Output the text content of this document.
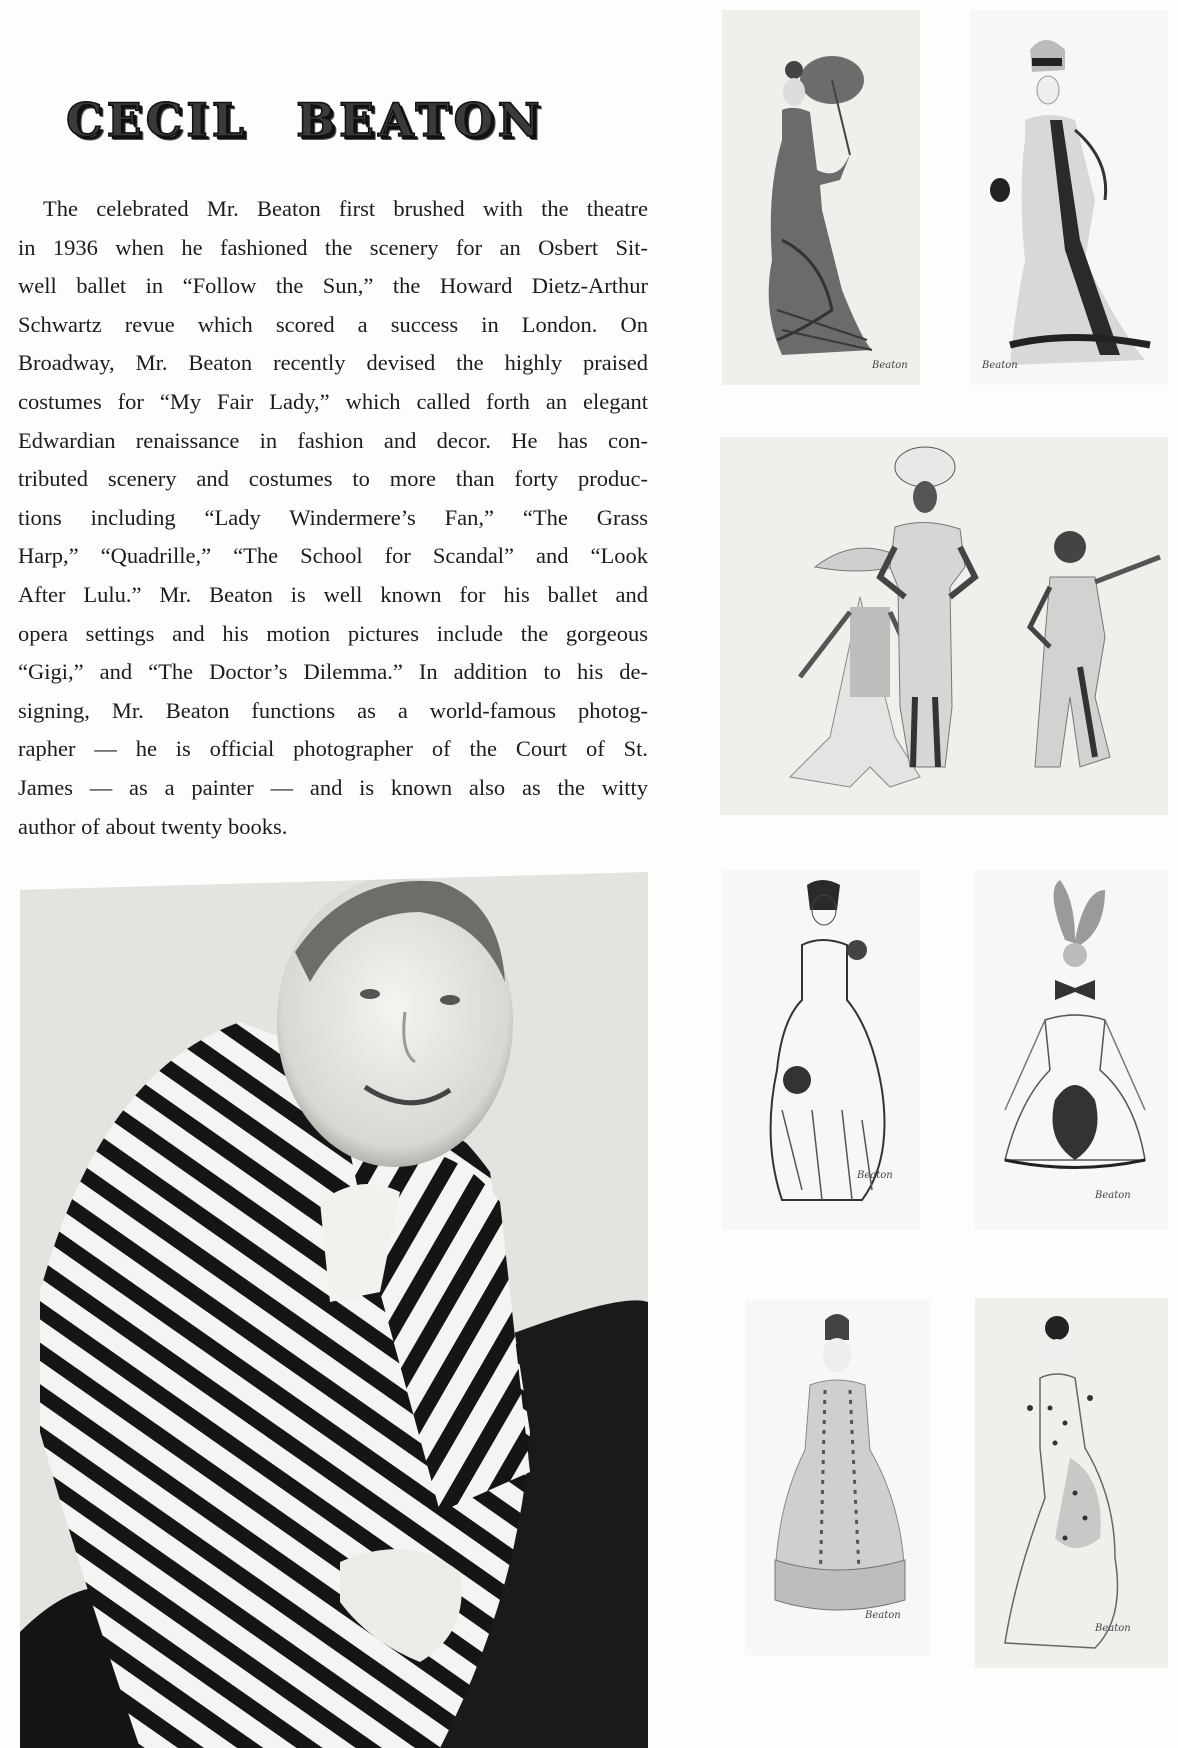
CECIL BEATON

The celebrated Mr. Beaton first brushed with the theatre
in 1936 when he fashioned the scenery for an Osbert Sit-
well ballet in “Follow the Sun,” the Howard Dietz-Arthur
Schwartz revue which scored a success in London. On
Broadway, Mr. Beaton recently devised the highly praised
costumes for “My Fair Lady,” which called forth an elegant
Edwardian renaissance in fashion and decor. He has con-
tributed scenery and costumes to more than forty produc-
tions including “Lady Windermere’s Fan,” “The Grass
Harp,” “Quadrille,” “The School for Scandal” and “Look
After Lulu.” Mr. Beaton is well known for his ballet and
opera settings and his motion pictures include the gorgeous
“Gigi,” and “The Doctor’s Dilemma.” In addition to his de-
signing, Mr. Beaton functions as a world-famous photog-
rapher — he is official photographer of the Court of St.
James — as a painter — and is known also as the witty
author of about twenty books.

Beaton	Beaton
Beaton
Beaton
Beaton
Beaton
